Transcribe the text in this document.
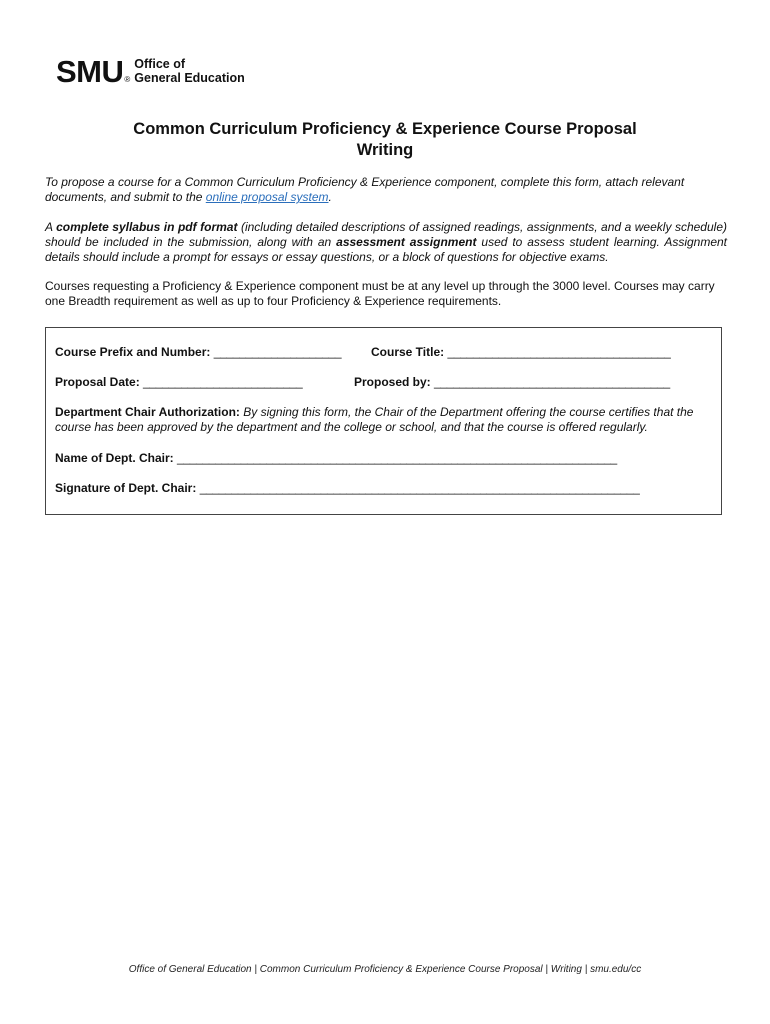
SMU ®
Office of
General Education
Common Curriculum Proficiency & Experience Course Proposal
Writing

To propose a course for a Common Curriculum Proficiency & Experience component, complete this form, attach relevant documents, and submit to the online proposal system.

A complete syllabus in pdf format (including detailed descriptions of assigned readings, assignments, and a weekly schedule) should be included in the submission, along with an assessment assignment used to assess student learning. Assignment details should include a prompt for essays or essay questions, or a block of questions for objective exams.

Courses requesting a Proficiency & Experience component must be at any level up through the 3000 level. Courses may carry one Breadth requirement as well as up to four Proficiency & Experience requirements.

Course Prefix and Number: ____________________ Course Title: ___________________________________
Proposal Date: _________________________	Proposed by: _____________________________________
Department Chair Authorization: By signing this form, the Chair of the Department offering the course certifies that the course has been approved by the department and the college or school, and that the course is offered regularly.
Name of Dept. Chair: _____________________________________________________________________
Signature of Dept. Chair: _____________________________________________________________________
Office of General Education | Common Curriculum Proficiency & Experience Course Proposal | Writing | smu.edu/cc
